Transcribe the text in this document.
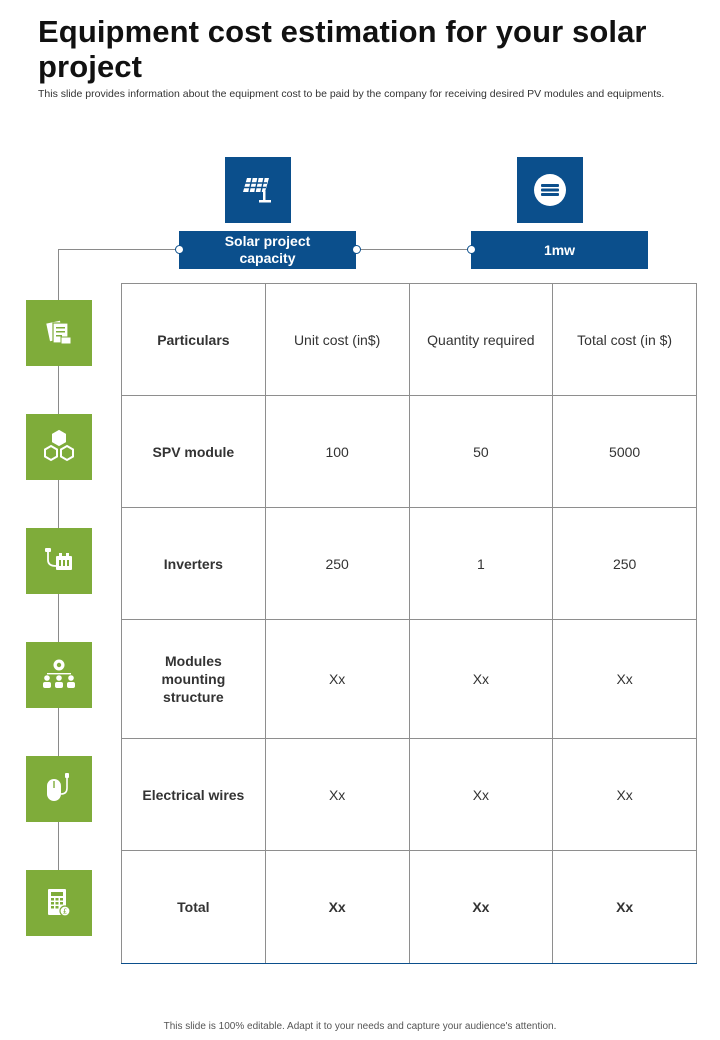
Equipment cost estimation for your solar project
This slide provides information about the equipment cost to be paid by the company for receiving desired PV modules and equipments.
Solar project capacity
1mw
£
Particulars	Unit cost (in$)	Quantity required	Total cost (in $)
SPV module	100	50	5000
Inverters	250	1	250
Modules mounting structure	Xx	Xx	Xx
Electrical wires	Xx	Xx	Xx
Total	Xx	Xx	Xx
This slide is 100% editable. Adapt it to your needs and capture your audience's attention.
